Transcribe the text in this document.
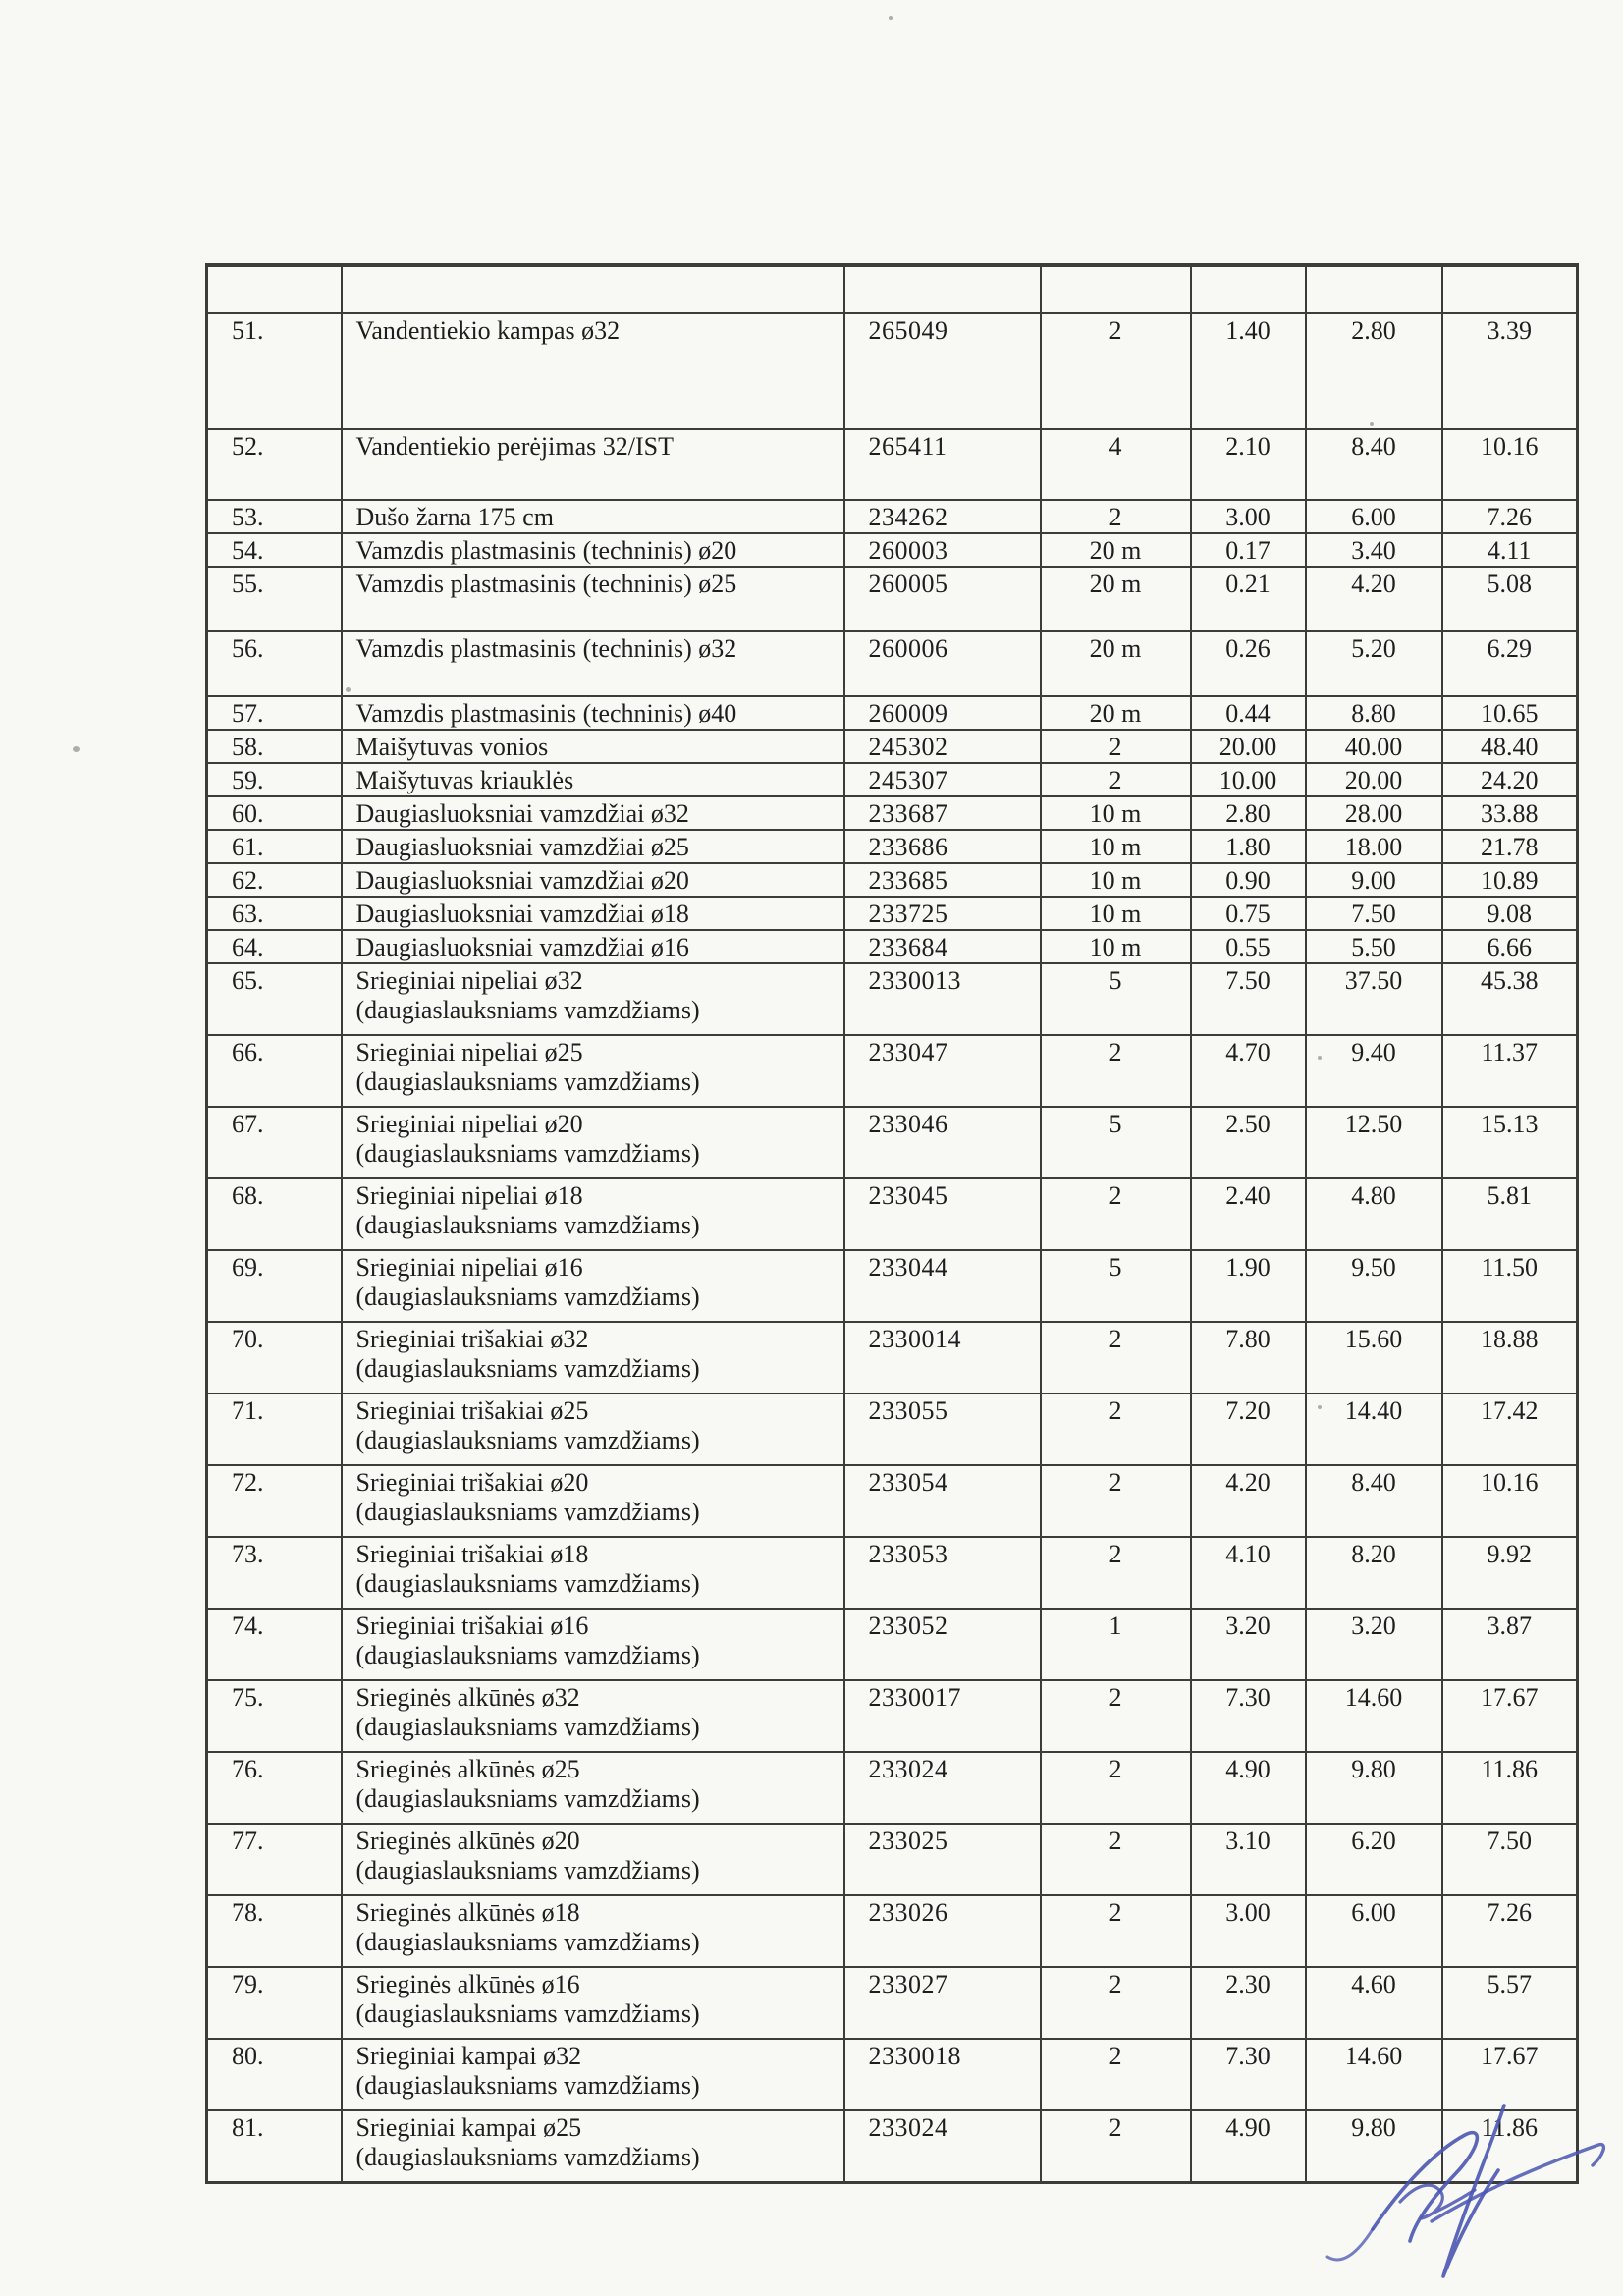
51.	Vandentiekio kampas ø32	265049	2	1.40	2.80	3.39
52.	Vandentiekio perėjimas 32/IST	265411	4	2.10	8.40	10.16
53.	Dušo žarna 175 cm	234262	2	3.00	6.00	7.26
54.	Vamzdis plastmasinis (techninis) ø20	260003	20 m	0.17	3.40	4.11
55.	Vamzdis plastmasinis (techninis) ø25	260005	20 m	0.21	4.20	5.08
56.	Vamzdis plastmasinis (techninis) ø32	260006	20 m	0.26	5.20	6.29
57.	Vamzdis plastmasinis (techninis) ø40	260009	20 m	0.44	8.80	10.65
58.	Maišytuvas vonios	245302	2	20.00	40.00	48.40
59.	Maišytuvas kriauklės	245307	2	10.00	20.00	24.20
60.	Daugiasluoksniai vamzdžiai ø32	233687	10 m	2.80	28.00	33.88
61.	Daugiasluoksniai vamzdžiai ø25	233686	10 m	1.80	18.00	21.78
62.	Daugiasluoksniai vamzdžiai ø20	233685	10 m	0.90	9.00	10.89
63.	Daugiasluoksniai vamzdžiai ø18	233725	10 m	0.75	7.50	9.08
64.	Daugiasluoksniai vamzdžiai ø16	233684	10 m	0.55	5.50	6.66
65.	Srieginiai nipeliai ø32
(daugiaslauksniams vamzdžiams)	2330013	5	7.50	37.50	45.38
66.	Srieginiai nipeliai ø25
(daugiaslauksniams vamzdžiams)	233047	2	4.70	9.40	11.37
67.	Srieginiai nipeliai ø20
(daugiaslauksniams vamzdžiams)	233046	5	2.50	12.50	15.13
68.	Srieginiai nipeliai ø18
(daugiaslauksniams vamzdžiams)	233045	2	2.40	4.80	5.81
69.	Srieginiai nipeliai ø16
(daugiaslauksniams vamzdžiams)	233044	5	1.90	9.50	11.50
70.	Srieginiai trišakiai ø32
(daugiaslauksniams vamzdžiams)	2330014	2	7.80	15.60	18.88
71.	Srieginiai trišakiai ø25
(daugiaslauksniams vamzdžiams)	233055	2	7.20	14.40	17.42
72.	Srieginiai trišakiai ø20
(daugiaslauksniams vamzdžiams)	233054	2	4.20	8.40	10.16
73.	Srieginiai trišakiai ø18
(daugiaslauksniams vamzdžiams)	233053	2	4.10	8.20	9.92
74.	Srieginiai trišakiai ø16
(daugiaslauksniams vamzdžiams)	233052	1	3.20	3.20	3.87
75.	Srieginės alkūnės ø32
(daugiaslauksniams vamzdžiams)	2330017	2	7.30	14.60	17.67
76.	Srieginės alkūnės ø25
(daugiaslauksniams vamzdžiams)	233024	2	4.90	9.80	11.86
77.	Srieginės alkūnės ø20
(daugiaslauksniams vamzdžiams)	233025	2	3.10	6.20	7.50
78.	Srieginės alkūnės ø18
(daugiaslauksniams vamzdžiams)	233026	2	3.00	6.00	7.26
79.	Srieginės alkūnės ø16
(daugiaslauksniams vamzdžiams)	233027	2	2.30	4.60	5.57
80.	Srieginiai kampai ø32
(daugiaslauksniams vamzdžiams)	2330018	2	7.30	14.60	17.67
81.	Srieginiai kampai ø25
(daugiaslauksniams vamzdžiams)	233024	2	4.90	9.80	11.86
